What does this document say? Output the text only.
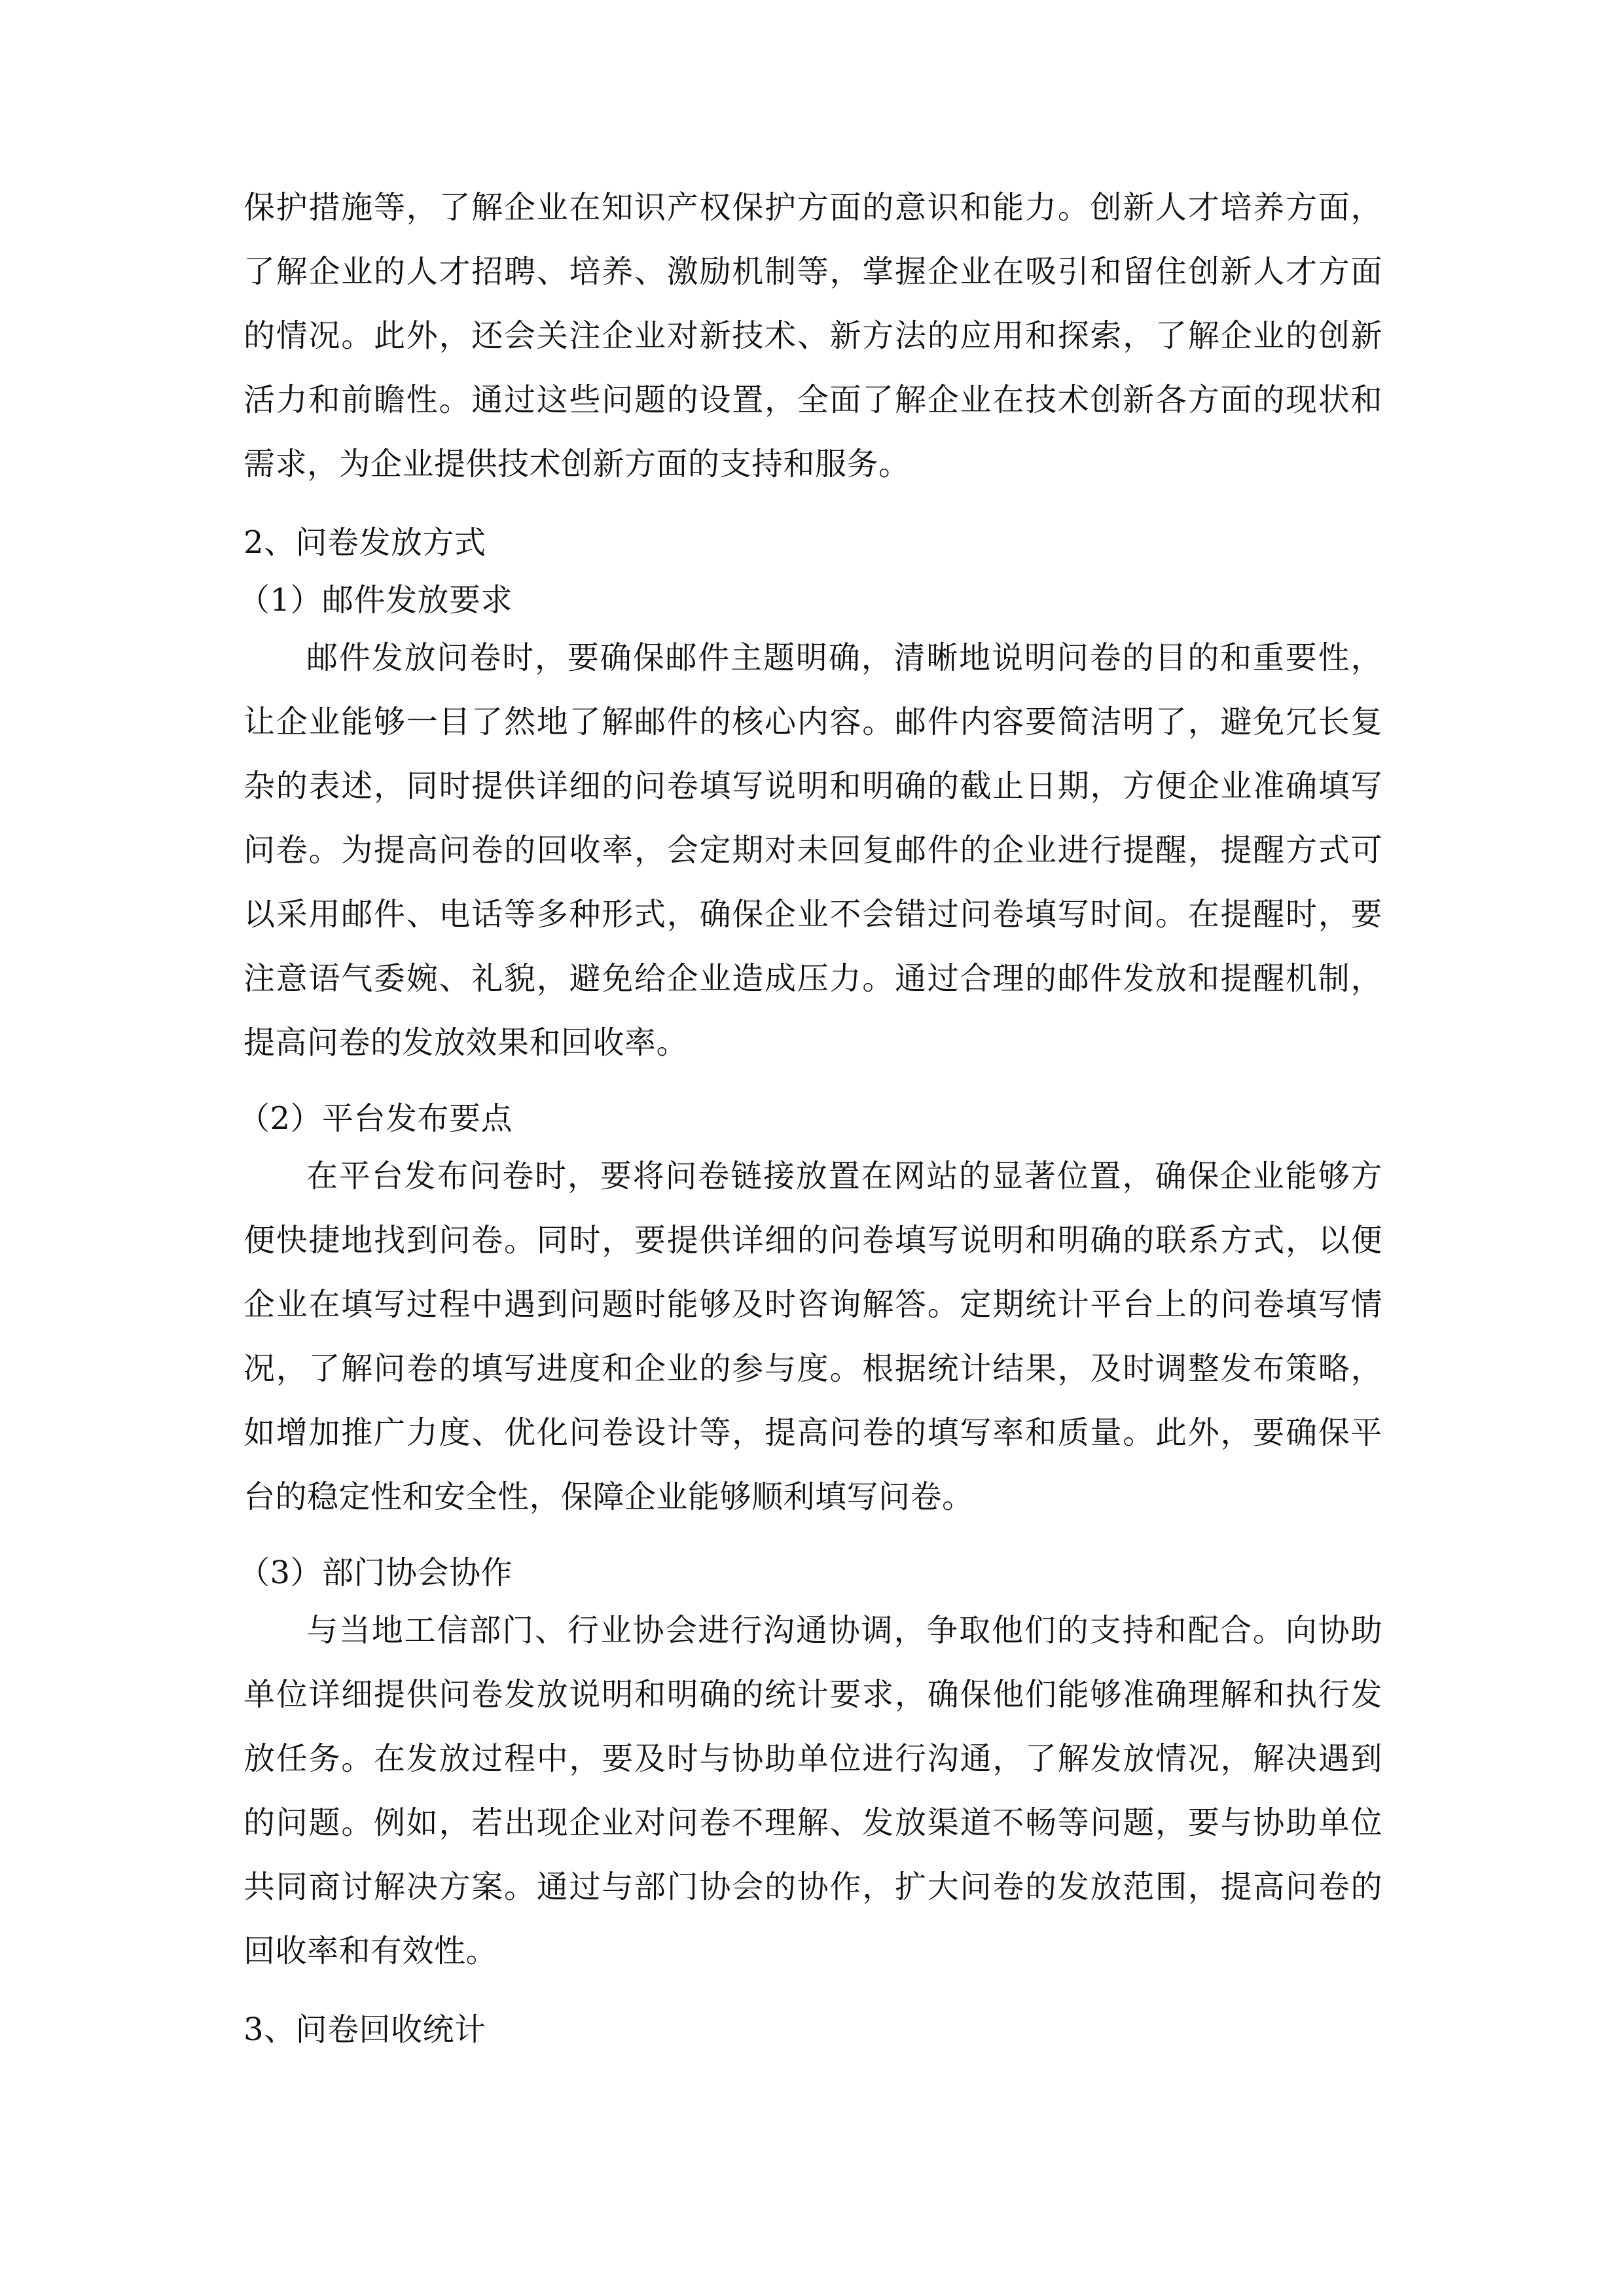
保护措施等，了解企业在知识产权保护方面的意识和能力。创新人才培养方面，了解企业的人才招聘、培养、激励机制等，掌握企业在吸引和留住创新人才方面的情况。此外，还会关注企业对新技术、新方法的应用和探索，了解企业的创新活力和前瞻性。通过这些问题的设置，全面了解企业在技术创新各方面的现状和需求，为企业提供技术创新方面的支持和服务。

2、问卷发放方式

（1）邮件发放要求

邮件发放问卷时，要确保邮件主题明确，清晰地说明问卷的目的和重要性，让企业能够一目了然地了解邮件的核心内容。邮件内容要简洁明了，避免冗长复杂的表述，同时提供详细的问卷填写说明和明确的截止日期，方便企业准确填写问卷。为提高问卷的回收率，会定期对未回复邮件的企业进行提醒，提醒方式可以采用邮件、电话等多种形式，确保企业不会错过问卷填写时间。在提醒时，要注意语气委婉、礼貌，避免给企业造成压力。通过合理的邮件发放和提醒机制，提高问卷的发放效果和回收率。

（2）平台发布要点

在平台发布问卷时，要将问卷链接放置在网站的显著位置，确保企业能够方便快捷地找到问卷。同时，要提供详细的问卷填写说明和明确的联系方式，以便企业在填写过程中遇到问题时能够及时咨询解答。定期统计平台上的问卷填写情况，了解问卷的填写进度和企业的参与度。根据统计结果，及时调整发布策略，如增加推广力度、优化问卷设计等，提高问卷的填写率和质量。此外，要确保平台的稳定性和安全性，保障企业能够顺利填写问卷。

（3）部门协会协作

与当地工信部门、行业协会进行沟通协调，争取他们的支持和配合。向协助单位详细提供问卷发放说明和明确的统计要求，确保他们能够准确理解和执行发放任务。在发放过程中，要及时与协助单位进行沟通，了解发放情况，解决遇到的问题。例如，若出现企业对问卷不理解、发放渠道不畅等问题，要与协助单位共同商讨解决方案。通过与部门协会的协作，扩大问卷的发放范围，提高问卷的回收率和有效性。

3、问卷回收统计
